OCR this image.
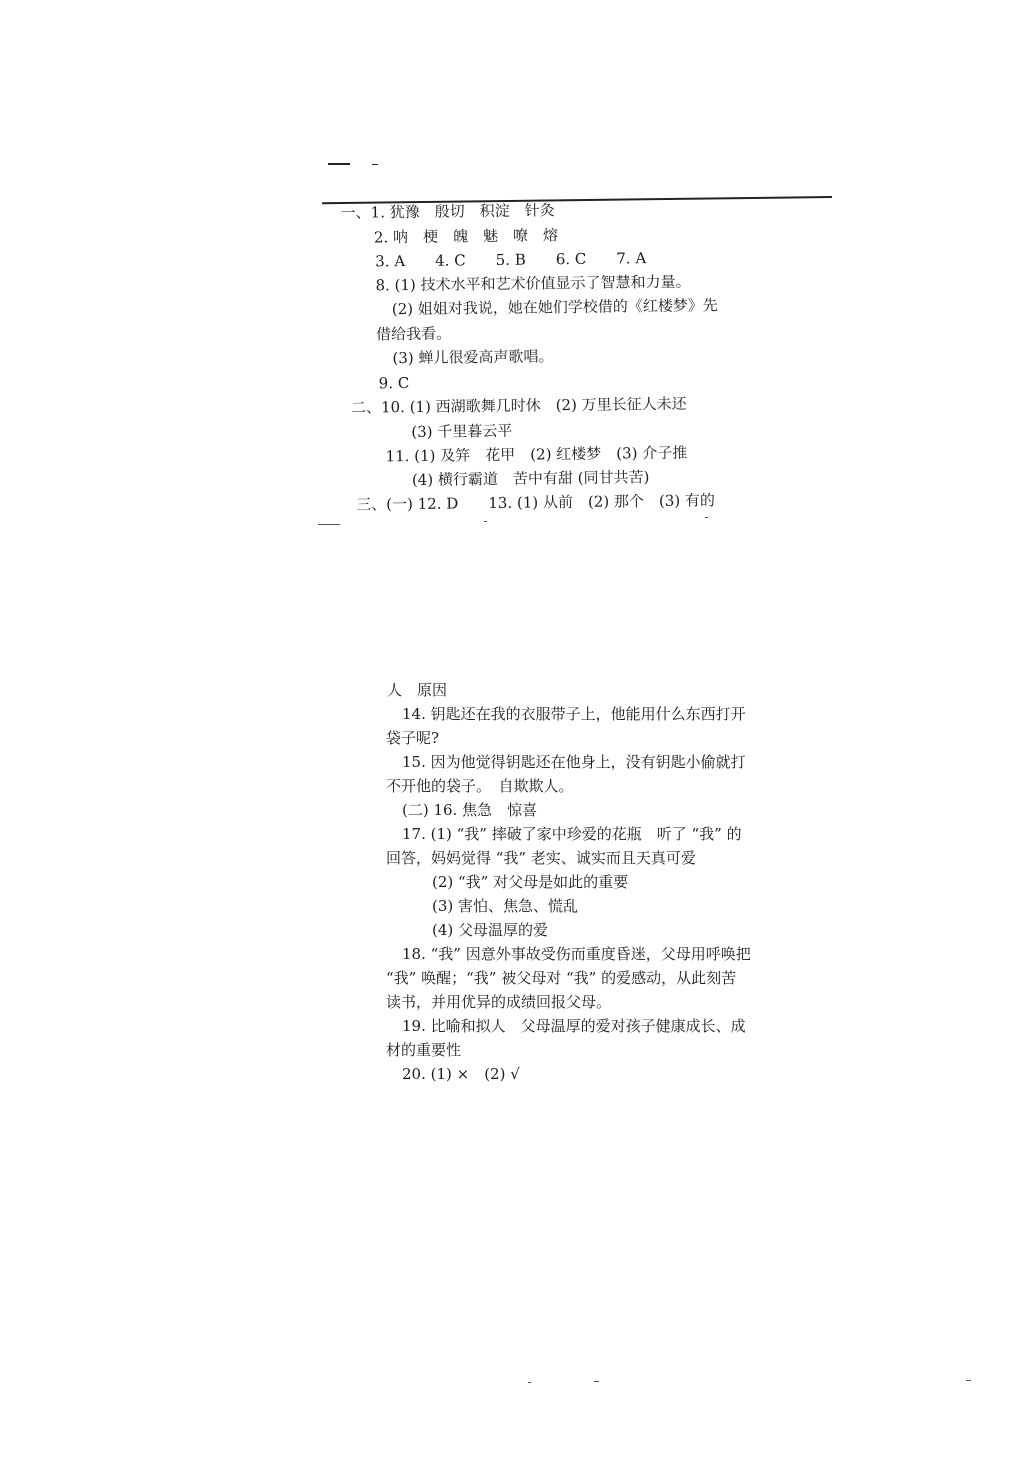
一、1. 犹豫　殷切　积淀　针灸
2. 呐　梗　魄　魅　嘹　熔
3. A　　4. C　　5. B　　6. C　　7. A
8. (1) 技术水平和艺术价值显示了智慧和力量。
(2) 姐姐对我说，她在她们学校借的《红楼梦》先
借给我看。
(3) 蝉儿很爱高声歌唱。
9. C
二、10. (1) 西湖歌舞几时休　(2) 万里长征人未还
(3) 千里暮云平
11. (1) 及笄　花甲　(2) 红楼梦　(3) 介子推
(4) 横行霸道　苦中有甜 (同甘共苦)
三、(一) 12. D　　13. (1) 从前　(2) 那个　(3) 有的
人　原因
14. 钥匙还在我的衣服带子上，他能用什么东西打开
袋子呢?
15. 因为他觉得钥匙还在他身上，没有钥匙小偷就打
不开他的袋子。　自欺欺人。
(二) 16. 焦急　惊喜
17. (1) “我” 摔破了家中珍爱的花瓶　听了 “我” 的
回答，妈妈觉得 “我” 老实、诚实而且天真可爱
(2) “我” 对父母是如此的重要
(3) 害怕、焦急、慌乱
(4) 父母温厚的爱
18. “我” 因意外事故受伤而重度昏迷，父母用呼唤把
“我” 唤醒；“我” 被父母对 “我” 的爱感动，从此刻苦
读书，并用优异的成绩回报父母。
19. 比喻和拟人　父母温厚的爱对孩子健康成长、成
材的重要性
20. (1) ×　(2) √
